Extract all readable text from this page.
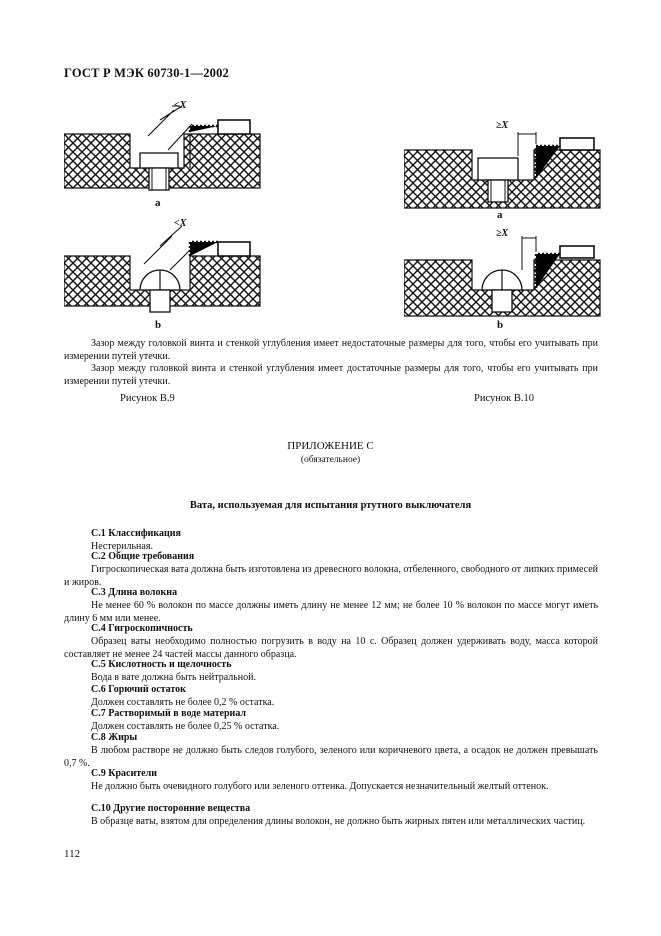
ГОСТ Р МЭК 60730-1—2002
<X
a
<X
b
≥X
a
≥X
b
Зазор между головкой винта и стенкой углубления имеет недостаточные размеры для того, чтобы его учитывать при измерении путей утечки.
Зазор между головкой винта и стенкой углубления имеет достаточные размеры для того, чтобы его учитывать при измерении путей утечки.
Рисунок В.9	Рисунок В.10
ПРИЛОЖЕНИЕ С
(обязательное)
Вата, используемая для испытания ртутного выключателя
С.1 Классификация
Нестерильная.
С.2 Общие требования
Гигроскопическая вата должна быть изготовлена из древесного волокна, отбеленного, свободного от липких примесей и жиров.
С.3 Длина волокна
Не менее 60 % волокон по массе должны иметь длину не менее 12 мм; не более 10 % волокон по массе могут иметь длину 6 мм или менее.
С.4 Гигроскопичность
Образец ваты необходимо полностью погрузить в воду на 10 с. Образец должен удерживать воду, масса которой составляет не менее 24 частей массы данного образца.
С.5 Кислотность и щелочность
Вода в вате должна быть нейтральной.
С.6 Горючий остаток
Должен составлять не более 0,2 % остатка.
С.7 Растворимый в воде материал
Должен составлять не более 0,25 % остатка.
С.8 Жиры
В любом растворе не должно быть следов голубого, зеленого или коричневого цвета, а осадок не должен превышать 0,7 %.
С.9 Красители
Не должно быть очевидного голубого или зеленого оттенка. Допускается незначительный желтый оттенок.
С.10 Другие посторонние вещества
В образце ваты, взятом для определения длины волокон, не должно быть жирных пятен или металлических частиц.
112
